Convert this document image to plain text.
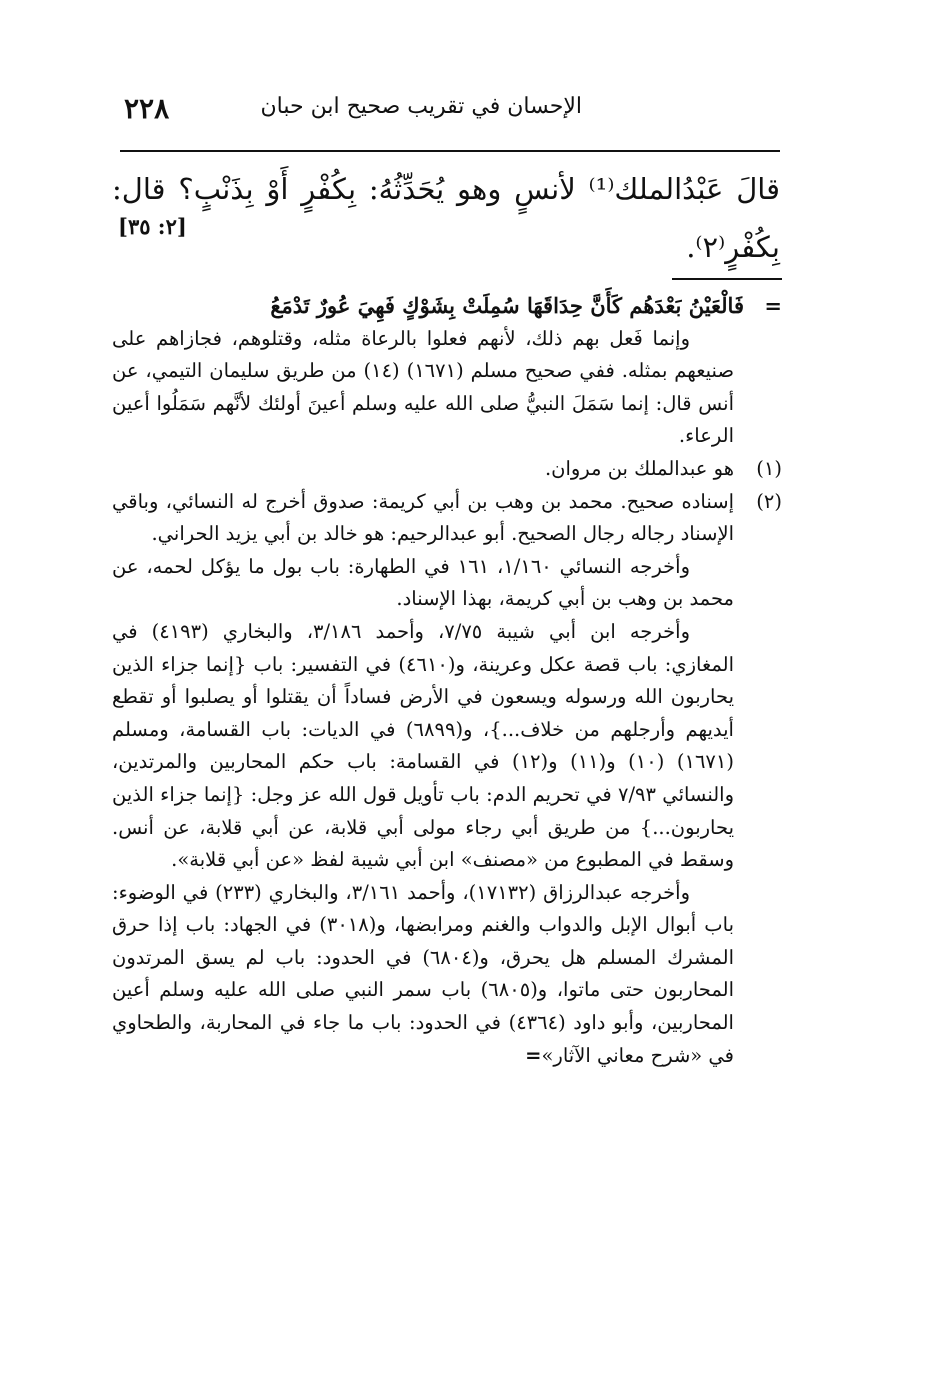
الإحسان في تقريب صحيح ابن حبان
٢٢٨
قالَ عَبْدُالملك⁽¹⁾ لأنسٍ وهو يُحَدِّثُهُ: بِكُفْرٍ أَوْ بِذَنْبٍ؟ قال: بِكُفْرٍ⁽٢⁾.
[٢: ٣٥]

=
فَالْعَيْنُ بَعْدَهُم كَأَنَّ حِدَاقَهَا سُمِلَتْ بِشَوْكٍ فَهِيَ عُورٌ تَدْمَعُ

وإنما فَعل بهم ذلك، لأنهم فعلوا بالرعاة مثله، وقتلوهم، فجازاهم على صنيعهم بمثله. ففي صحيح مسلم (١٦٧١) (١٤) من طريق سليمان التيمي، عن أنس قال: إنما سَمَلَ النبيُّ صلى الله عليه وسلم أعينَ أولئك لأنَّهم سَمَلُوا أعين الرعاء.

(١)
هو عبدالملك بن مروان.

(٢)
إسناده صحيح. محمد بن وهب بن أبي كريمة: صدوق أخرج له النسائي، وباقي الإسناد رجاله رجال الصحيح. أبو عبدالرحيم: هو خالد بن أبي يزيد الحراني.

وأخرجه النسائي ١/١٦٠، ١٦١ في الطهارة: باب بول ما يؤكل لحمه، عن محمد بن وهب بن أبي كريمة، بهذا الإسناد.

وأخرجه ابن أبي شيبة ٧/٧٥، وأحمد ٣/١٨٦، والبخاري (٤١٩٣) في المغازي: باب قصة عكل وعرينة، و(٤٦١٠) في التفسير: باب {إنما جزاء الذين يحاربون الله ورسوله ويسعون في الأرض فساداً أن يقتلوا أو يصلبوا أو تقطع أيديهم وأرجلهم من خلاف...}، و(٦٨٩٩) في الديات: باب القسامة، ومسلم (١٦٧١) (١٠) و(١١) و(١٢) في القسامة: باب حكم المحاربين والمرتدين، والنسائي ٧/٩٣ في تحريم الدم: باب تأويل قول الله عز وجل: {إنما جزاء الذين يحاربون...} من طريق أبي رجاء مولى أبي قلابة، عن أبي قلابة، عن أنس. وسقط في المطبوع من «مصنف» ابن أبي شيبة لفظ «عن أبي قلابة».

وأخرجه عبدالرزاق (١٧١٣٢)، وأحمد ٣/١٦١، والبخاري (٢٣٣) في الوضوء: باب أبوال الإبل والدواب والغنم ومرابضها، و(٣٠١٨) في الجهاد: باب إذا حرق المشرك المسلم هل يحرق، و(٦٨٠٤) في الحدود: باب لم يسق المرتدون المحاربون حتى ماتوا، و(٦٨٠٥) باب سمر النبي صلى الله عليه وسلم أعين المحاربين، وأبو داود (٤٣٦٤) في الحدود: باب ما جاء في المحاربة، والطحاوي في «شرح معاني الآثار»=
